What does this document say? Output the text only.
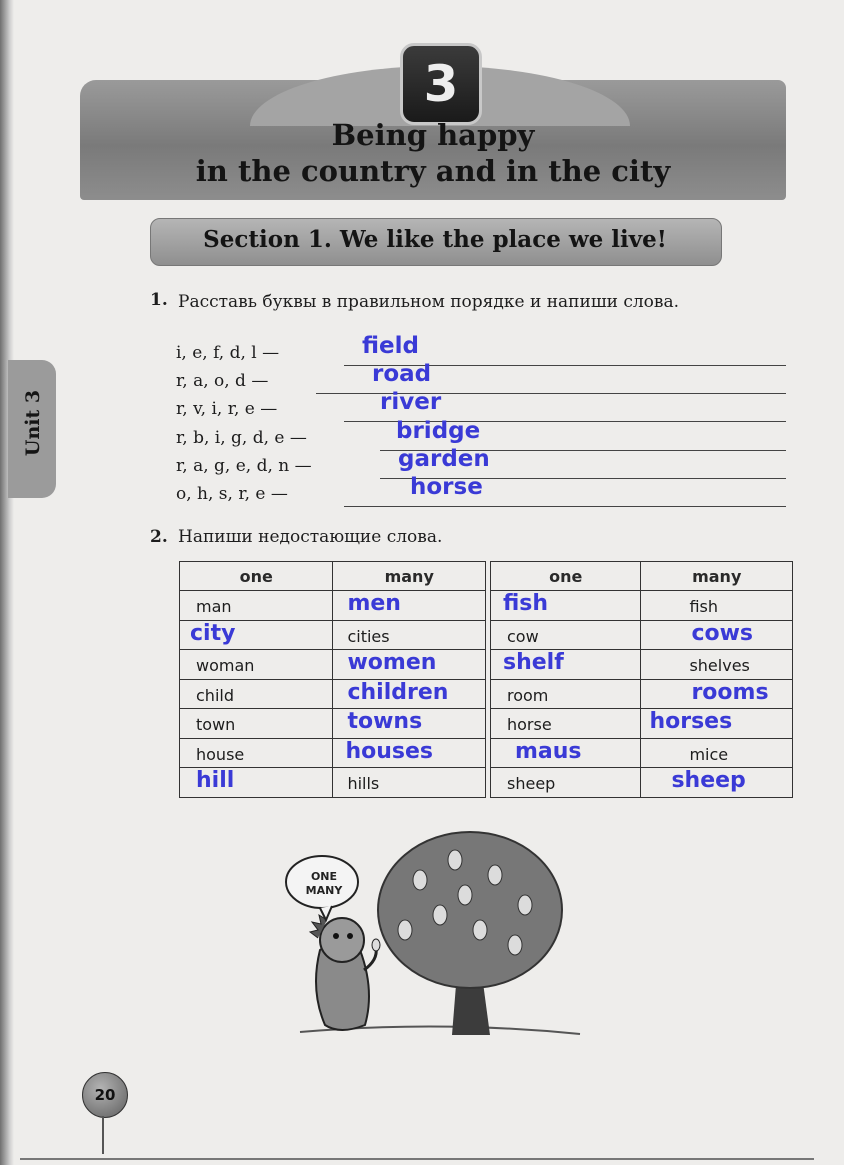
3
Being happy
in the country and in the city
Section 1. We like the place we live!
Unit 3
1. Расставь буквы в правильном порядке и напиши слова.
i, e, f, d, l —	field
r, a, o, d —	road
r, v, i, r, e —	river
r, b, i, g, d, e —	bridge
r, a, g, e, d, n —	garden
o, h, s, r, e —	horse
2. Напиши недостающие слова.
one	many

man	men

city	cities

woman	women

child	children

town	towns

house	houses

hill	hills
one	many

fish	fish

cow	cows

shelf	shelves

room	rooms

horse	horses

maus	mice

sheep	sheep
ONE
MANY
20
